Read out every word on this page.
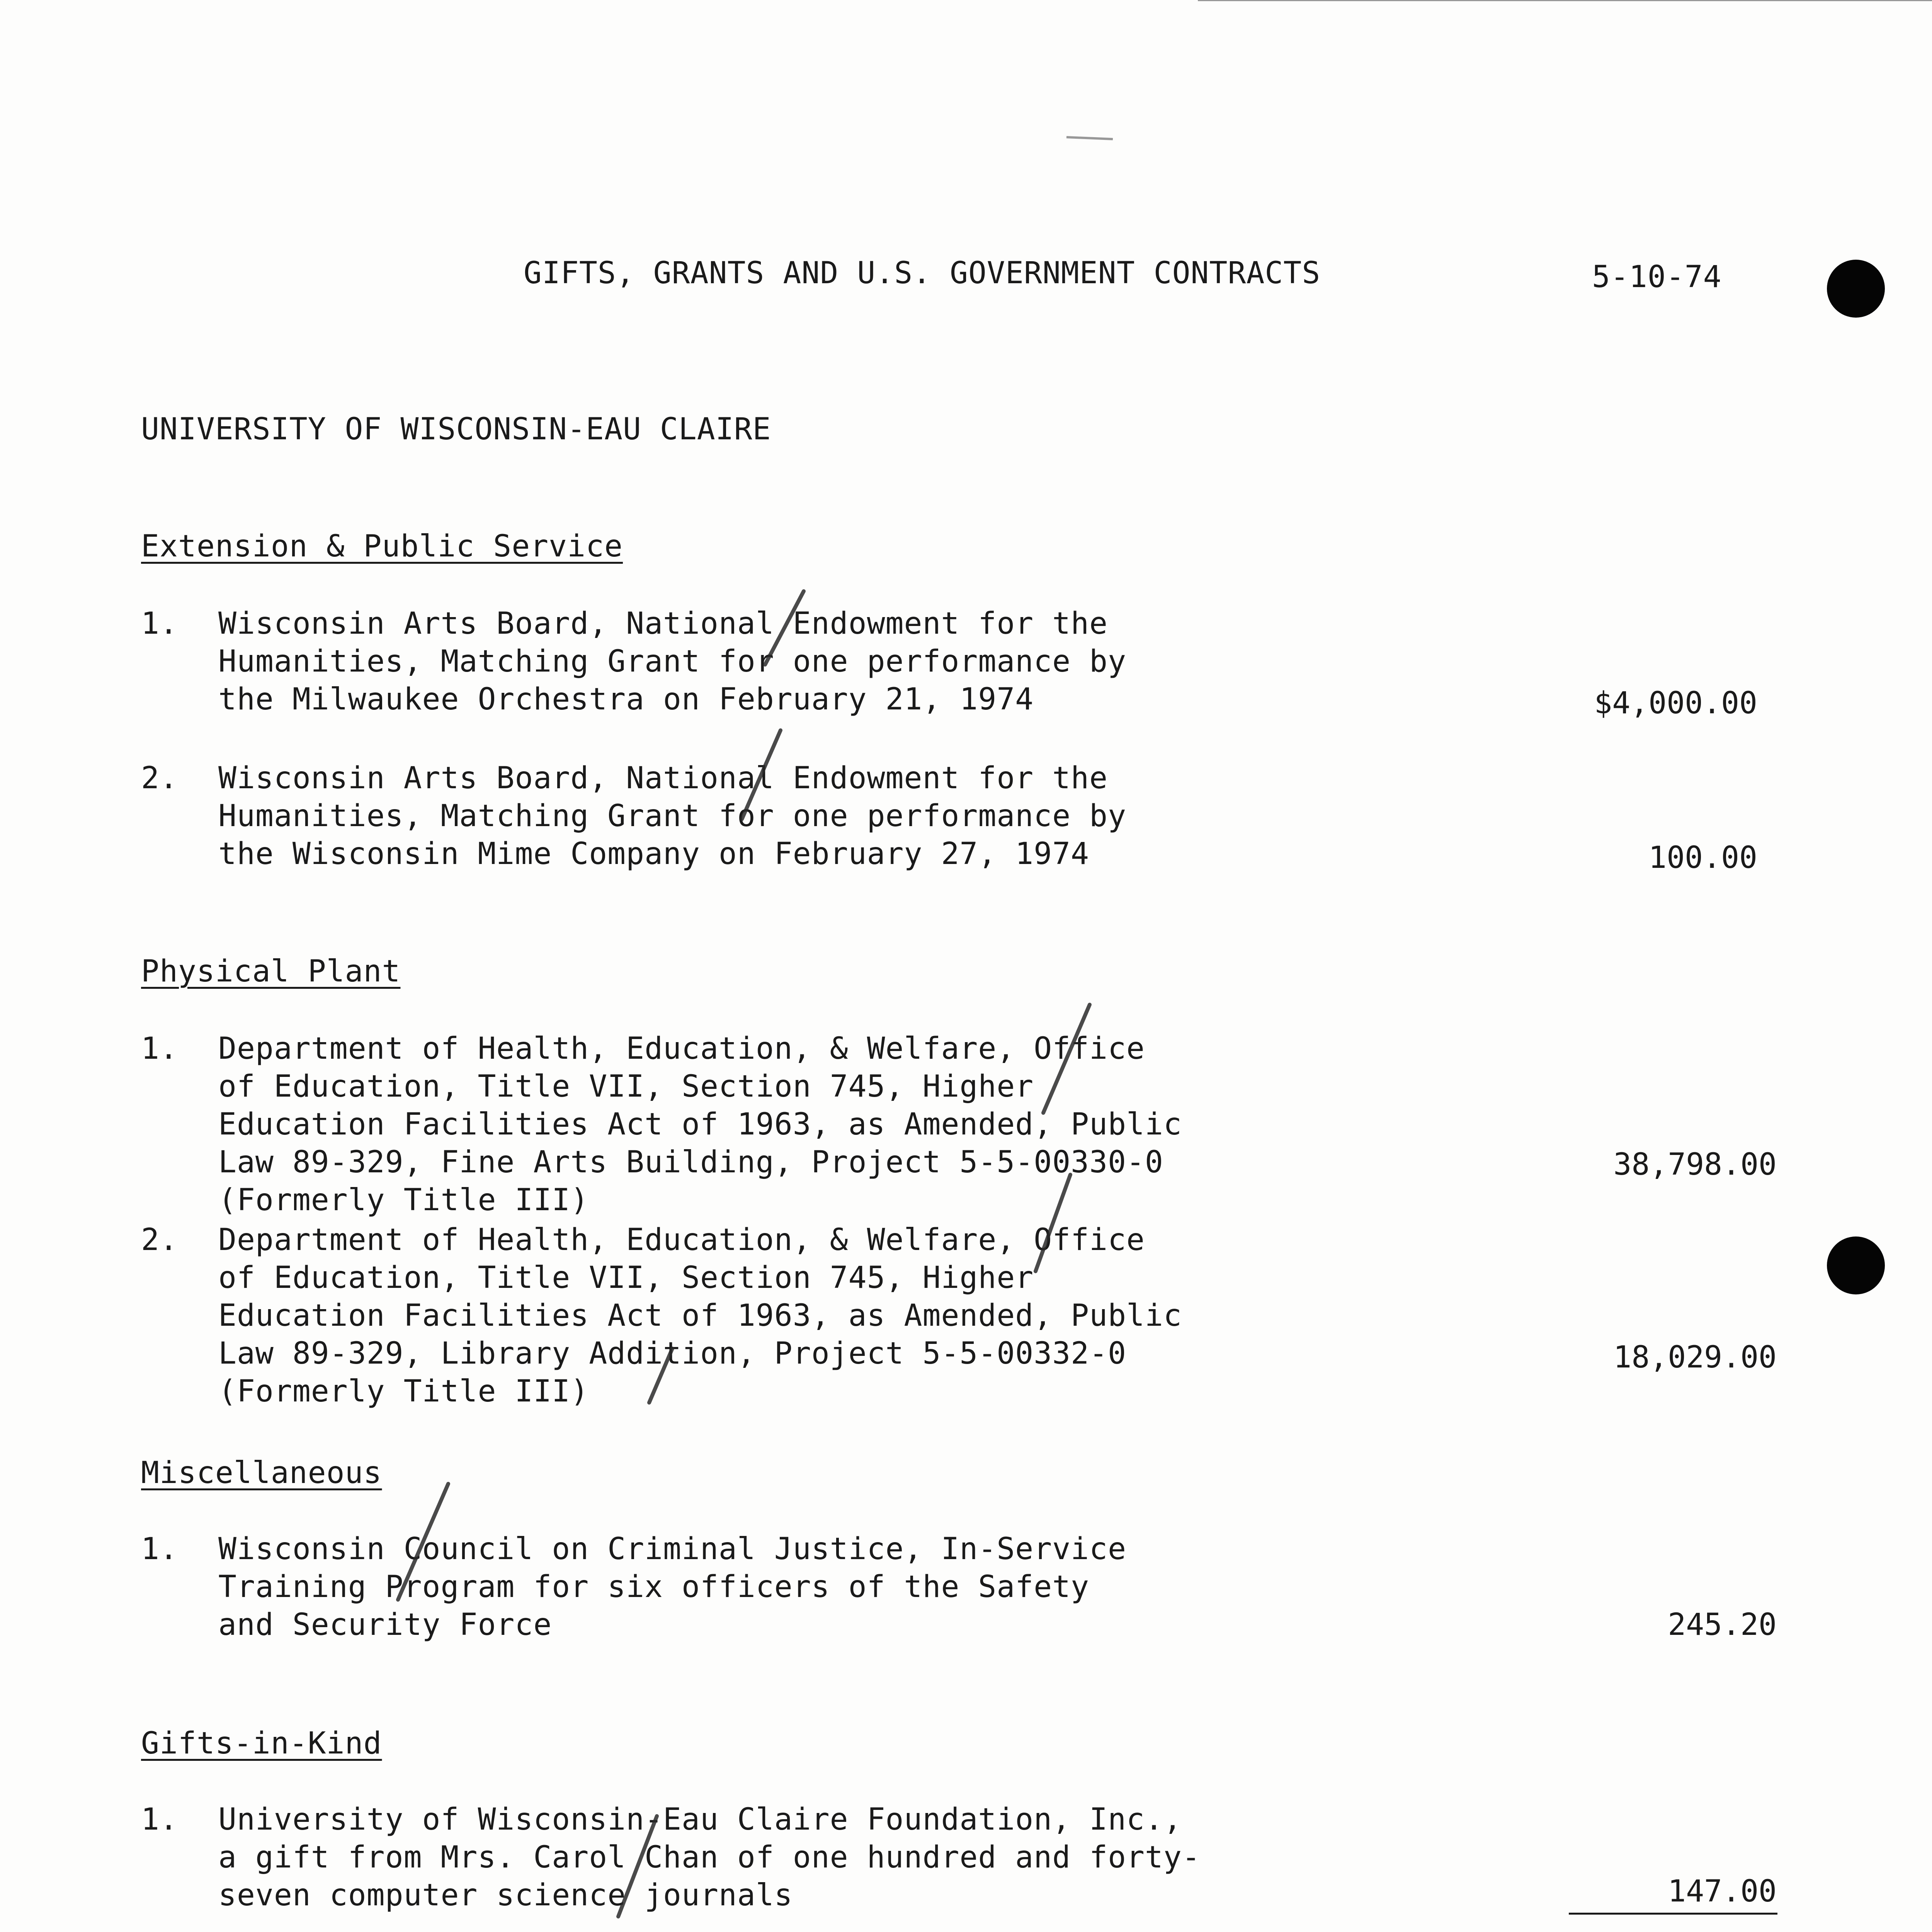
GIFTS, GRANTS AND U.S. GOVERNMENT CONTRACTS	5-10-74
UNIVERSITY OF WISCONSIN-EAU CLAIRE
Extension & Public Service
1. Wisconsin Arts Board, National Endowment for the
Humanities, Matching Grant for one performance by
the Milwaukee Orchestra on February 21, 1974	$4,000.00
2. Wisconsin Arts Board, National Endowment for the
Humanities, Matching Grant for one performance by
the Wisconsin Mime Company on February 27, 1974	100.00
Physical Plant
1. Department of Health, Education, & Welfare, Office
of Education, Title VII, Section 745, Higher
Education Facilities Act of 1963, as Amended, Public
Law 89-329, Fine Arts Building, Project 5-5-00330-0
(Formerly Title III)
38,798.00
2. Department of Health, Education, & Welfare, Office
of Education, Title VII, Section 745, Higher
Education Facilities Act of 1963, as Amended, Public
Law 89-329, Library Addition, Project 5-5-00332-0
(Formerly Title III)
18,029.00
Miscellaneous
1. Wisconsin Council on Criminal Justice, In-Service
Training Program for six officers of the Safety
and Security Force	245.20
Gifts-in-Kind
1. University of Wisconsin-Eau Claire Foundation, Inc.,
a gift from Mrs. Carol Chan of one hundred and forty-
seven computer science journals	147.00
